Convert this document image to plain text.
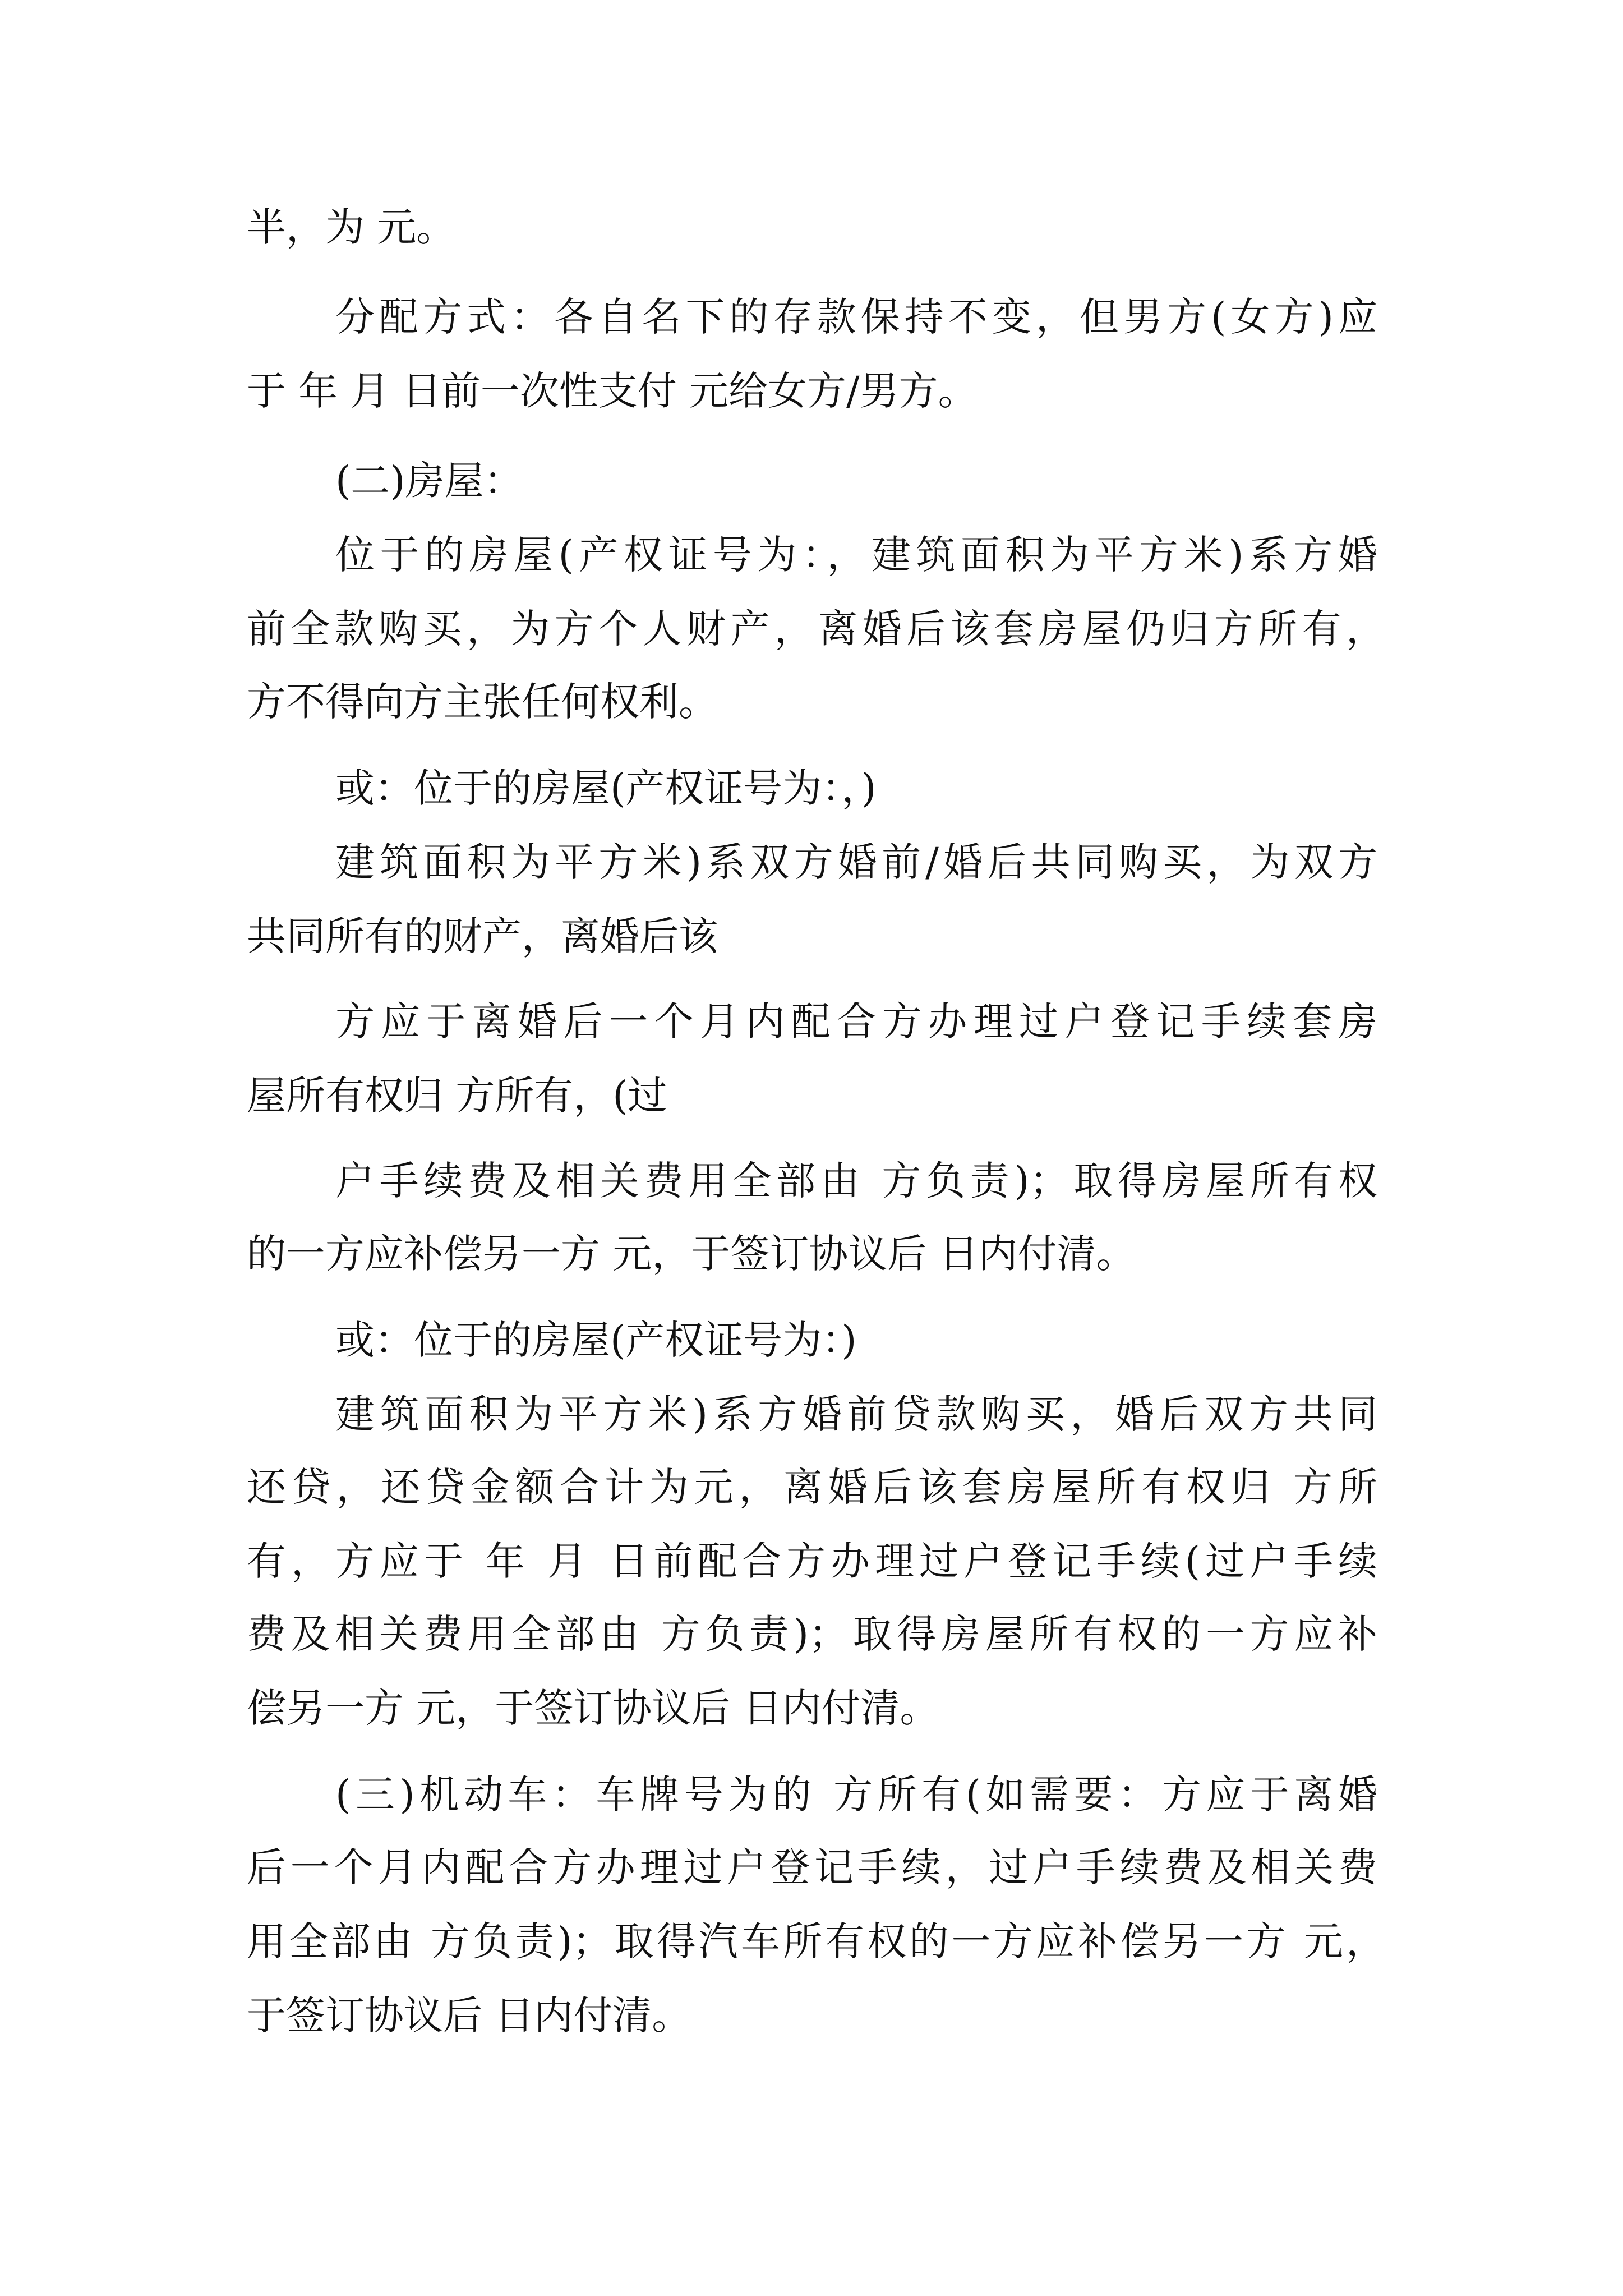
半，为 元。

分配方式：各自名下的存款保持不变，但男方(女方)应

于 年 月 日前一次性支付 元给女方/男方。

(二)房屋：

位于的房屋(产权证号为：，建筑面积为平方米)系方婚

前全款购买，为方个人财产，离婚后该套房屋仍归方所有，

方不得向方主张任何权利。

或：位于的房屋(产权证号为：，)

建筑面积为平方米)系双方婚前/婚后共同购买，为双方

共同所有的财产，离婚后该

方应于离婚后一个月内配合方办理过户登记手续套房

屋所有权归 方所有，(过

户手续费及相关费用全部由 方负责)；取得房屋所有权

的一方应补偿另一方 元，于签订协议后 日内付清。

或：位于的房屋(产权证号为：)

建筑面积为平方米)系方婚前贷款购买，婚后双方共同

还贷，还贷金额合计为元，离婚后该套房屋所有权归 方所

有，方应于 年 月 日前配合方办理过户登记手续(过户手续

费及相关费用全部由 方负责)；取得房屋所有权的一方应补

偿另一方 元，于签订协议后 日内付清。

(三)机动车：车牌号为的 方所有(如需要：方应于离婚

后一个月内配合方办理过户登记手续，过户手续费及相关费

用全部由 方负责)；取得汽车所有权的一方应补偿另一方 元，

于签订协议后 日内付清。
